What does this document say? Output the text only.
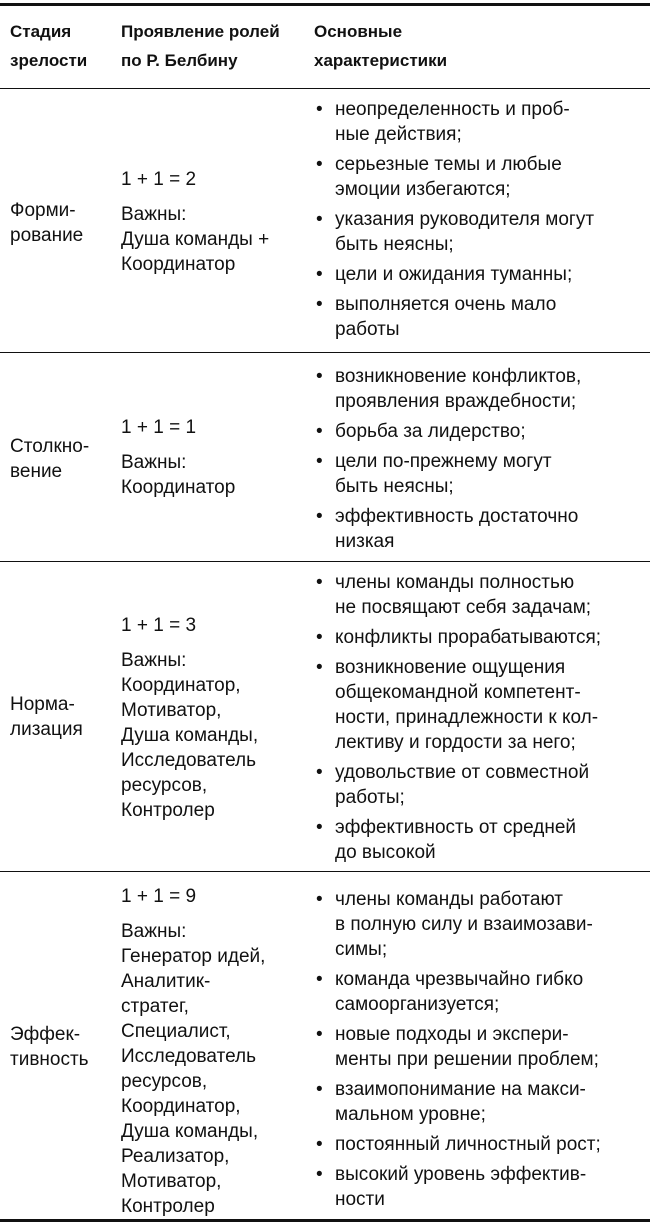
Стадия
зрелости
Проявление ролей
по Р. Белбину
Основные
характеристики
Форми-
рование
1 + 1 = 2
Важны:
Душа команды +
Координатор
• неопределенность и проб-
ные действия;
• серьезные темы и любые
эмоции избегаются;
• указания руководителя могут
быть неясны;
• цели и ожидания туманны;
• выполняется очень мало
работы
Столкно-
вение
1 + 1 = 1
Важны:
Координатор
• возникновение конфликтов,
проявления враждебности;
• борьба за лидерство;
• цели по-прежнему могут
быть неясны;
• эффективность достаточно
низкая
Норма-
лизация
1 + 1 = 3
Важны:
Координатор,
Мотиватор,
Душа команды,
Исследователь
ресурсов,
Контролер
• члены команды полностью
не посвящают себя задачам;
• конфликты прорабатываются;
• возникновение ощущения
общекомандной компетент-
ности, принадлежности к кол-
лективу и гордости за него;
• удовольствие от совместной
работы;
• эффективность от средней
до высокой
Эффек-
тивность
1 + 1 = 9
Важны:
Генератор идей,
Аналитик-
стратег,
Специалист,
Исследователь
ресурсов,
Координатор,
Душа команды,
Реализатор,
Мотиватор,
Контролер
• члены команды работают
в полную силу и взаимозави-
симы;
• команда чрезвычайно гибко
самоорганизуется;
• новые подходы и экспери-
менты при решении проблем;
• взаимопонимание на макси-
мальном уровне;
• постоянный личностный рост;
• высокий уровень эффектив-
ности
